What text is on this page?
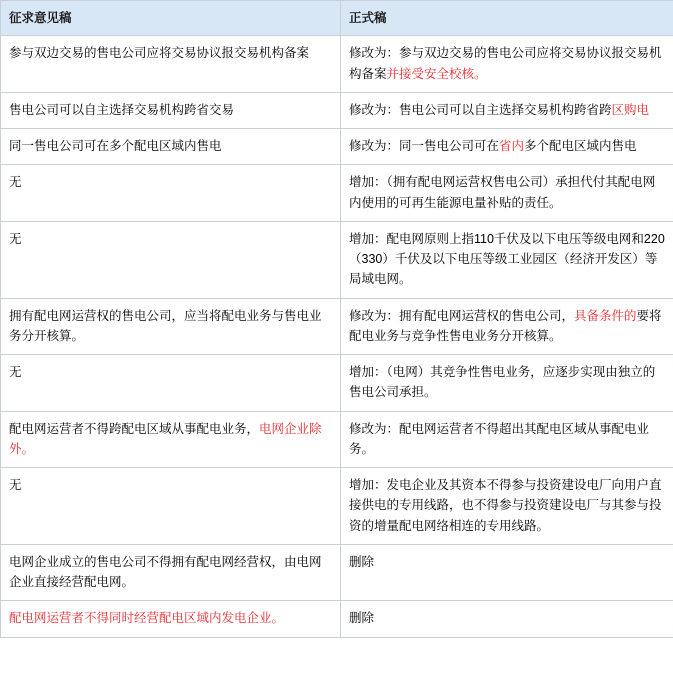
征求意见稿	正式稿
参与双边交易的售电公司应将交易协议报交易机构备案	修改为：参与双边交易的售电公司应将交易协议报交易机构备案并接受安全校核。
售电公司可以自主选择交易机构跨省交易	修改为：售电公司可以自主选择交易机构跨省跨区购电
同一售电公司可在多个配电区域内售电	修改为：同一售电公司可在省内多个配电区域内售电
无	增加：（拥有配电网运营权售电公司）承担代付其配电网内使用的可再生能源电量补贴的责任。
无	增加：配电网原则上指110千伏及以下电压等级电网和220（330）千伏及以下电压等级工业园区（经济开发区）等局域电网。
拥有配电网运营权的售电公司，应当将配电业务与售电业务分开核算。	修改为：拥有配电网运营权的售电公司，具备条件的要将配电业务与竞争性售电业务分开核算。
无	增加：（电网）其竞争性售电业务，应逐步实现由独立的售电公司承担。
配电网运营者不得跨配电区域从事配电业务，电网企业除外。	修改为：配电网运营者不得超出其配电区域从事配电业务。
无	增加：发电企业及其资本不得参与投资建设电厂向用户直接供电的专用线路，也不得参与投资建设电厂与其参与投资的增量配电网络相连的专用线路。
电网企业成立的售电公司不得拥有配电网经营权，由电网企业直接经营配电网。	删除
配电网运营者不得同时经营配电区域内发电企业。	删除
